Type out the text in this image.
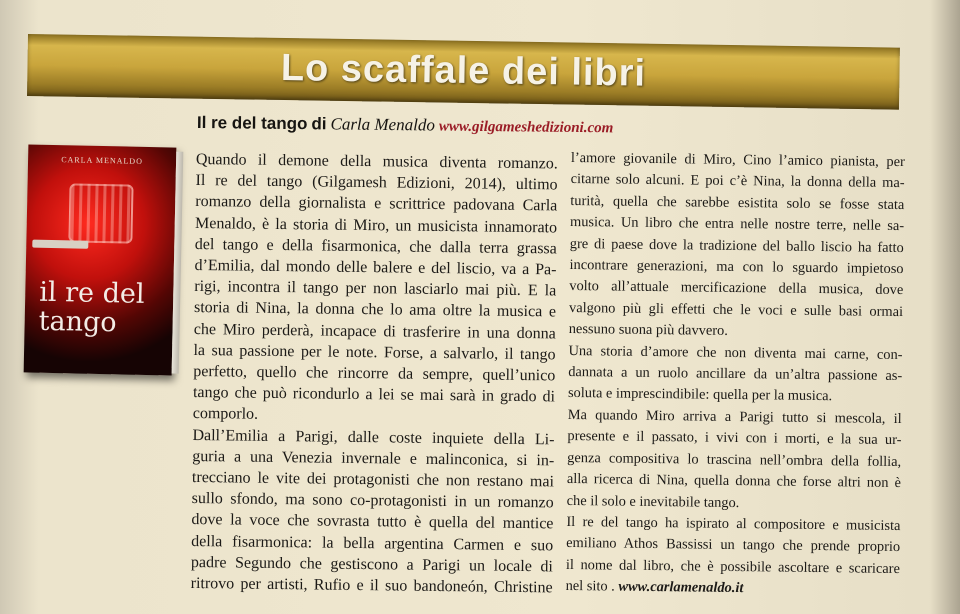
Lo scaffale dei libri
Il re del tango di Carla Menaldo www.gilgameshedizioni.com
CARLA MENALDO
il re del
tango
Quando il demone della musica diventa romanzo.
Il re del tango (Gilgamesh Edizioni, 2014), ultimo
romanzo della giornalista e scrittrice padovana Carla
Menaldo, è la storia di Miro, un musicista innamorato
del tango e della fisarmonica, che dalla terra grassa
d’Emilia, dal mondo delle balere e del liscio, va a Pa-
rigi, incontra il tango per non lasciarlo mai più. E la
storia di Nina, la donna che lo ama oltre la musica e
che Miro perderà, incapace di trasferire in una donna
la sua passione per le note. Forse, a salvarlo, il tango
perfetto, quello che rincorre da sempre, quell’unico
tango che può ricondurlo a lei se mai sarà in grado di
comporlo.
Dall’Emilia a Parigi, dalle coste inquiete della Li-
guria a una Venezia invernale e malinconica, si in-
trecciano le vite dei protagonisti che non restano mai
sullo sfondo, ma sono co-protagonisti in un romanzo
dove la voce che sovrasta tutto è quella del mantice
della fisarmonica: la bella argentina Carmen e suo
padre Segundo che gestiscono a Parigi un locale di
ritrovo per artisti, Rufio e il suo bandoneón, Christine
l’amore giovanile di Miro, Cino l’amico pianista, per
citarne solo alcuni. E poi c’è Nina, la donna della ma-
turità, quella che sarebbe esistita solo se fosse stata
musica. Un libro che entra nelle nostre terre, nelle sa-
gre di paese dove la tradizione del ballo liscio ha fatto
incontrare generazioni, ma con lo sguardo impietoso
volto all’attuale mercificazione della musica, dove
valgono più gli effetti che le voci e sulle basi ormai
nessuno suona più davvero.
Una storia d’amore che non diventa mai carne, con-
dannata a un ruolo ancillare da un’altra passione as-
soluta e imprescindibile: quella per la musica.
Ma quando Miro arriva a Parigi tutto si mescola, il
presente e il passato, i vivi con i morti, e la sua ur-
genza compositiva lo trascina nell’ombra della follia,
alla ricerca di Nina, quella donna che forse altri non è
che il solo e inevitabile tango.
Il re del tango ha ispirato al compositore e musicista
emiliano Athos Bassissi un tango che prende proprio
il nome dal libro, che è possibile ascoltare e scaricare
nel sito . www.carlamenaldo.it
